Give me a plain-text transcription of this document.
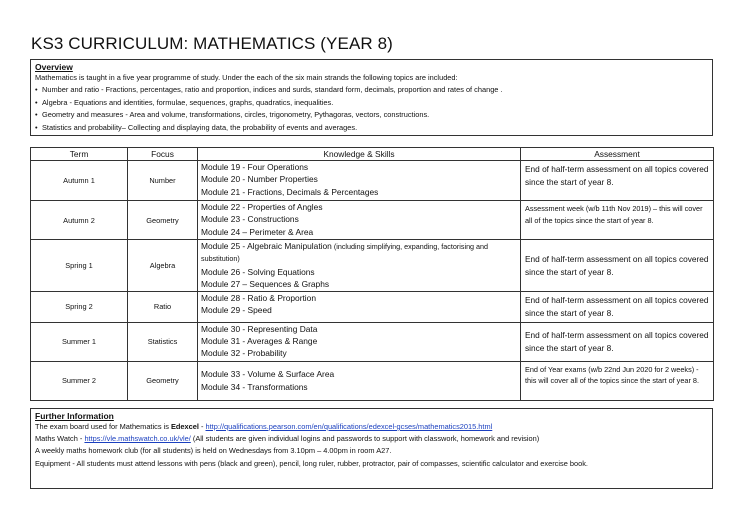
KS3 CURRICULUM: MATHEMATICS (YEAR 8)
Overview
Mathematics is taught in a five year programme of study. Under the each of the six main strands the following topics are included:
• Number and ratio - Fractions, percentages, ratio and proportion, indices and surds, standard form, decimals, proportion and rates of change .
• Algebra - Equations and identities, formulae, sequences, graphs, quadratics, inequalities.
• Geometry and measures - Area and volume, transformations, circles, trigonometry, Pythagoras, vectors, constructions.
• Statistics and probability– Collecting and displaying data, the probability of events and averages.
Term	Focus	Knowledge & Skills	Assessment
Autumn 1	Number	Module 19 - Four Operations
Module 20 - Number Properties
Module 21 - Fractions, Decimals & Percentages	End of half-term assessment on all topics covered since the start of year 8.

Autumn 2	Geometry	Module 22 - Properties of Angles
Module 23 - Constructions
Module 24 – Perimeter & Area	Assessment week (w/b 11th Nov 2019) – this will cover all of the topics since the start of year 8.

Spring 1	Algebra	Module 25 - Algebraic Manipulation (including simplifying, expanding, factorising and substitution)
Module 26 - Solving Equations
Module 27 – Sequences & Graphs	End of half-term assessment on all topics covered since the start of year 8.

Spring 2	Ratio	Module 28 - Ratio & Proportion
Module 29 - Speed	End of half-term assessment on all topics covered since the start of year 8.

Summer 1	Statistics	Module 30 - Representing Data
Module 31 - Averages & Range
Module 32 - Probability	End of half-term assessment on all topics covered since the start of year 8.

Summer 2	Geometry	Module 33 - Volume & Surface Area
Module 34 - Transformations	End of Year exams (w/b 22nd Jun 2020 for 2 weeks) - this will cover all of the topics since the start of year 8.
Further Information
The exam board used for Mathematics is Edexcel - http://qualifications.pearson.com/en/qualifications/edexcel-gcses/mathematics2015.html
Maths Watch - https://vle.mathswatch.co.uk/vle/ (All students are given individual logins and passwords to support with classwork, homework and revision)
A weekly maths homework club (for all students) is held on Wednesdays from 3.10pm – 4.00pm in room A27.
Equipment - All students must attend lessons with pens (black and green), pencil, long ruler, rubber, protractor, pair of compasses, scientific calculator and exercise book.
